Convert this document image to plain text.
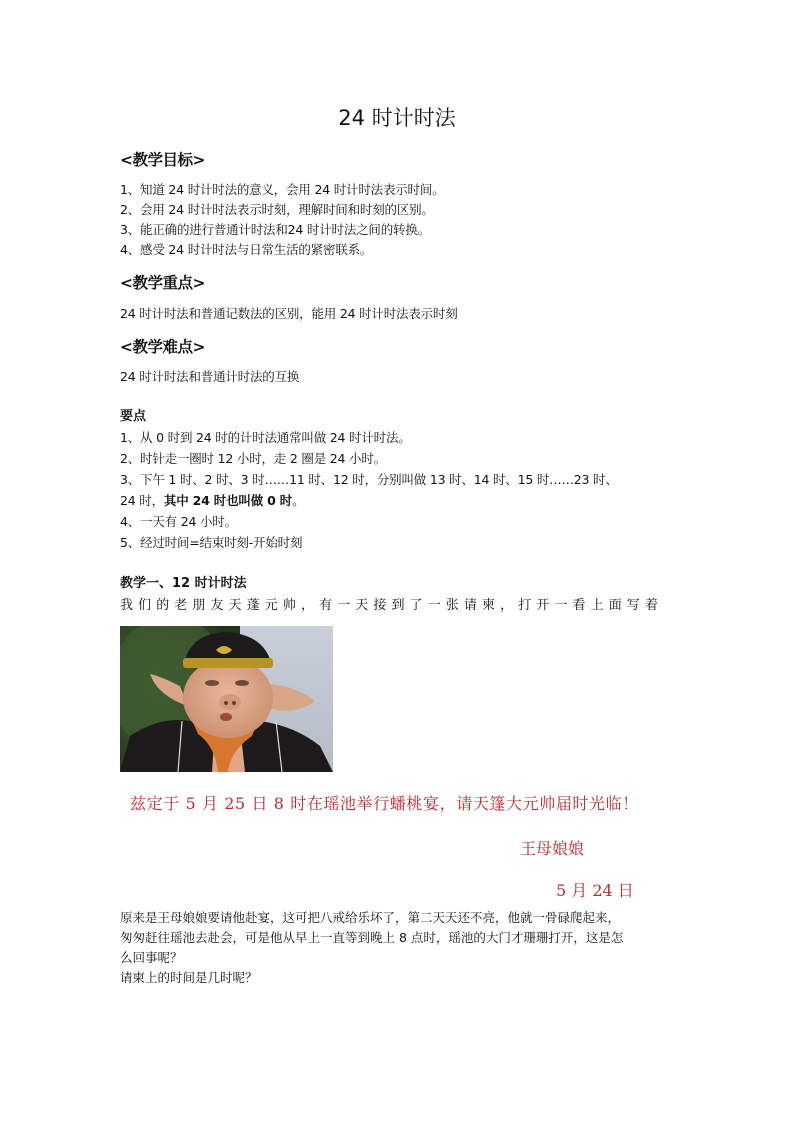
24 时计时法
<教学目标>
1、知道 24 时计时法的意义，会用 24 时计时法表示时间。
2、会用 24 时计时法表示时刻，理解时间和时刻的区别。
3、能正确的进行普通计时法和24 时计时法之间的转换。
4、感受 24 时计时法与日常生活的紧密联系。
<教学重点>
24 时计时法和普通记数法的区别，能用 24 时计时法表示时刻
<教学难点>
24 时计时法和普通计时法的互换
要点
1、从 0 时到 24 时的计时法通常叫做 24 时计时法。
2、时针走一圈时 12 小时，走 2 圈是 24 小时。
3、下午 1 时、2 时、3 时……11 时、12 时，分别叫做 13 时、14 时、15 时……23 时、
24 时，其中 24 时也叫做 0 时。
4、一天有 24 小时。
5、经过时间=结束时刻-开始时刻
教学一、12 时计时法
我们的老朋友天蓬元帅，有一天接到了一张请柬，打开一看上面写着
兹定于 5 月 25 日 8 时在瑶池举行蟠桃宴，请天篷大元帅届时光临！
王母娘娘
5 月 24 日
原来是王母娘娘要请他赴宴，这可把八戒给乐坏了，第二天天还不亮，他就一骨碌爬起来，
匆匆赶往瑶池去赴会，可是他从早上一直等到晚上 8 点时，瑶池的大门才珊珊打开，这是怎
么回事呢？
请柬上的时间是几时呢？
